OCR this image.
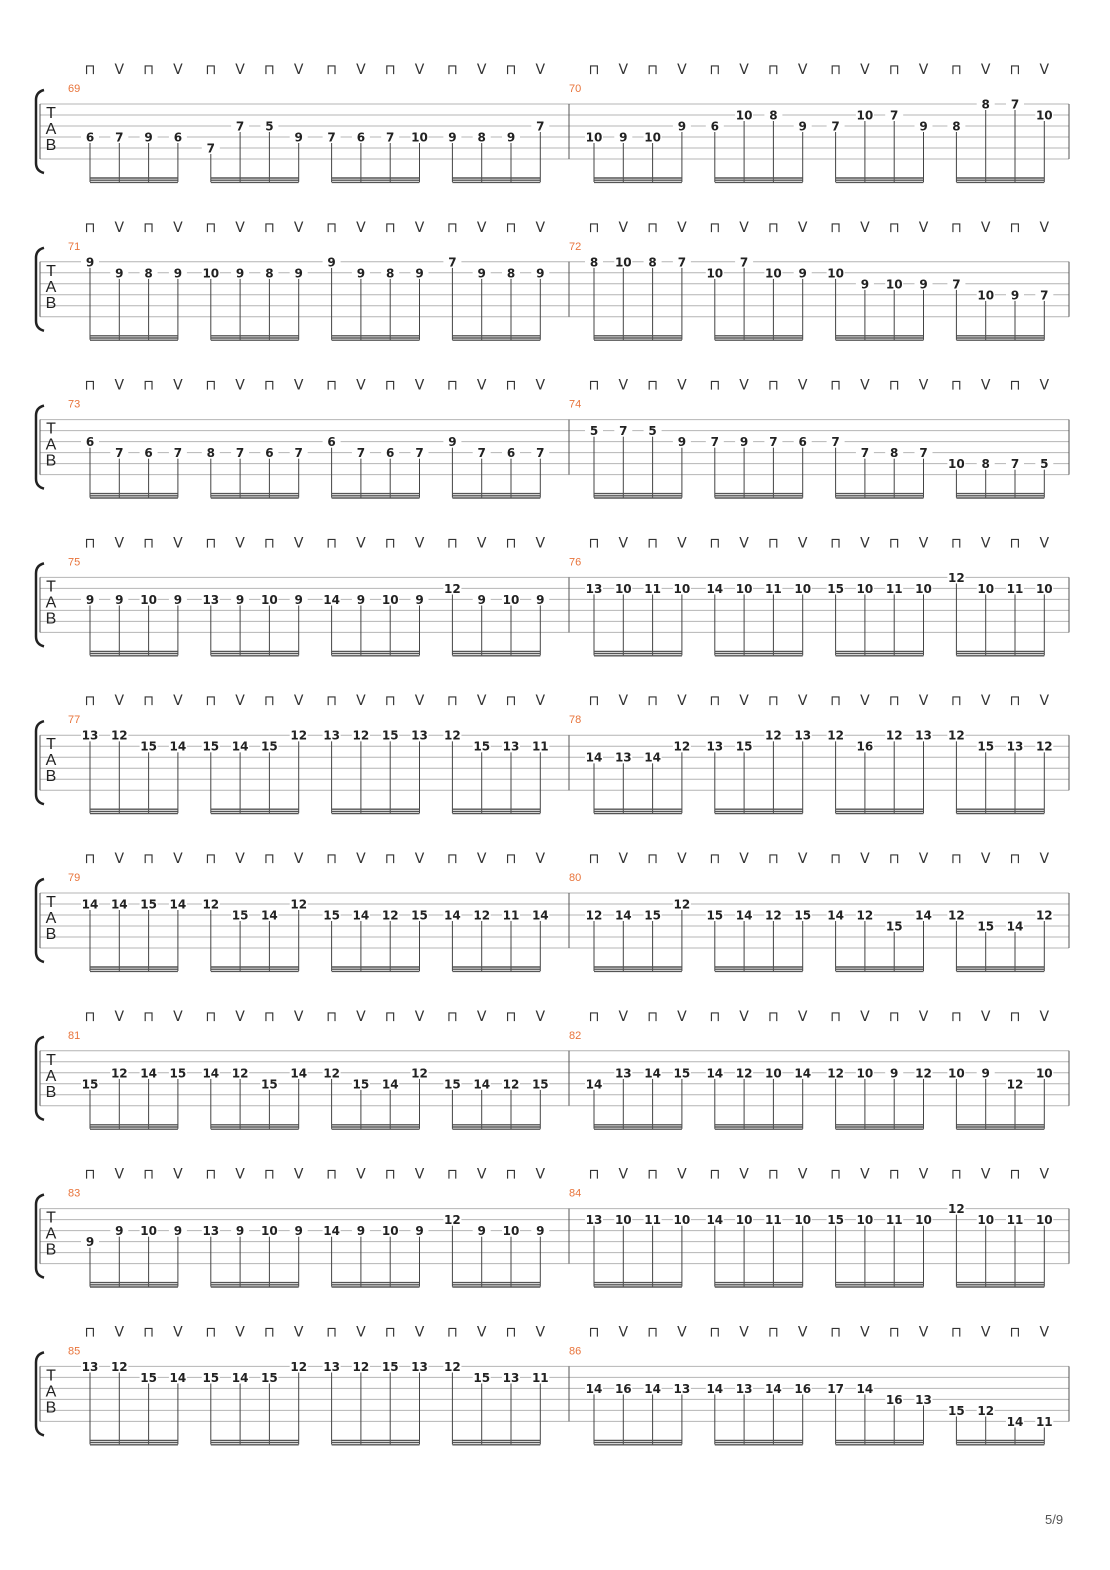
T
A
B
69
⊓ V ⊓ V ⊓ V ⊓ V ⊓ V ⊓ V ⊓ V ⊓ V
6 7 9 6
7
7 5
9 7 6 7 10 9 8 9
7
70
⊓ V ⊓ V ⊓ V ⊓ V ⊓ V ⊓ V ⊓ V ⊓ V
10 9 10
9 6
10 8
9 7
10 7
9 8
8 7
10
T
A
B
71
⊓ V ⊓ V ⊓ V ⊓ V ⊓ V ⊓ V ⊓ V ⊓ V
9
9 8 9 10 9 8 9
9
9 8 9
7
9 8 9
72
⊓ V ⊓ V ⊓ V ⊓ V ⊓ V ⊓ V ⊓ V ⊓ V
8 10 8 7
10
7
10 9 10
9 10 9 7
10 9 7
T
A
B
73
⊓ V ⊓ V ⊓ V ⊓ V ⊓ V ⊓ V ⊓ V ⊓ V
6
7 6 7 8 7 6 7
6
7 6 7
9
7 6 7
74
⊓ V ⊓ V ⊓ V ⊓ V ⊓ V ⊓ V ⊓ V ⊓ V
5 7 5
9 7 9 7 6 7
7 8 7
10 8 7 5
T
A
B
75
⊓ V ⊓ V ⊓ V ⊓ V ⊓ V ⊓ V ⊓ V ⊓ V
9 9 10 9 13 9 10 9 14 9 10 9
12
9 10 9
76
⊓ V ⊓ V ⊓ V ⊓ V ⊓ V ⊓ V ⊓ V ⊓ V
13 10 11 10 14 10 11 10 15 10 11 10
12
10 11 10
T
A
B
77
⊓ V ⊓ V ⊓ V ⊓ V ⊓ V ⊓ V ⊓ V ⊓ V
13 12
15 14 15 14 15
12 13 12 15 13 12
15 13 11
78
⊓ V ⊓ V ⊓ V ⊓ V ⊓ V ⊓ V ⊓ V ⊓ V
14 13 14
12 13 15
12 13 12
16
12 13 12
15 13 12
T
A
B
79
⊓ V ⊓ V ⊓ V ⊓ V ⊓ V ⊓ V ⊓ V ⊓ V
14 14 15 14 12
15 14
12
15 14 12 15 14 12 11 14
80
⊓ V ⊓ V ⊓ V ⊓ V ⊓ V ⊓ V ⊓ V ⊓ V
12 14 15
12
15 14 12 15 14 12
15
14 12
15 14
12
T
A
B
81
⊓ V ⊓ V ⊓ V ⊓ V ⊓ V ⊓ V ⊓ V ⊓ V
15
12 14 15 14 12
15
14 12
15 14
12
15 14 12 15
82
⊓ V ⊓ V ⊓ V ⊓ V ⊓ V ⊓ V ⊓ V ⊓ V
14
13 14 15 14 12 10 14 12 10 9 12 10 9
12
10
T
A
B
83
⊓ V ⊓ V ⊓ V ⊓ V ⊓ V ⊓ V ⊓ V ⊓ V
9
9 10 9 13 9 10 9 14 9 10 9
12
9 10 9
84
⊓ V ⊓ V ⊓ V ⊓ V ⊓ V ⊓ V ⊓ V ⊓ V
13 10 11 10 14 10 11 10 15 10 11 10
12
10 11 10
T
A
B
85
⊓ V ⊓ V ⊓ V ⊓ V ⊓ V ⊓ V ⊓ V ⊓ V
13 12
15 14 15 14 15
12 13 12 15 13 12
15 13 11
86
⊓ V ⊓ V ⊓ V ⊓ V ⊓ V ⊓ V ⊓ V ⊓ V
14 16 14 13 14 13 14 16 17 14
16 13
15 12
14 11
5/9
